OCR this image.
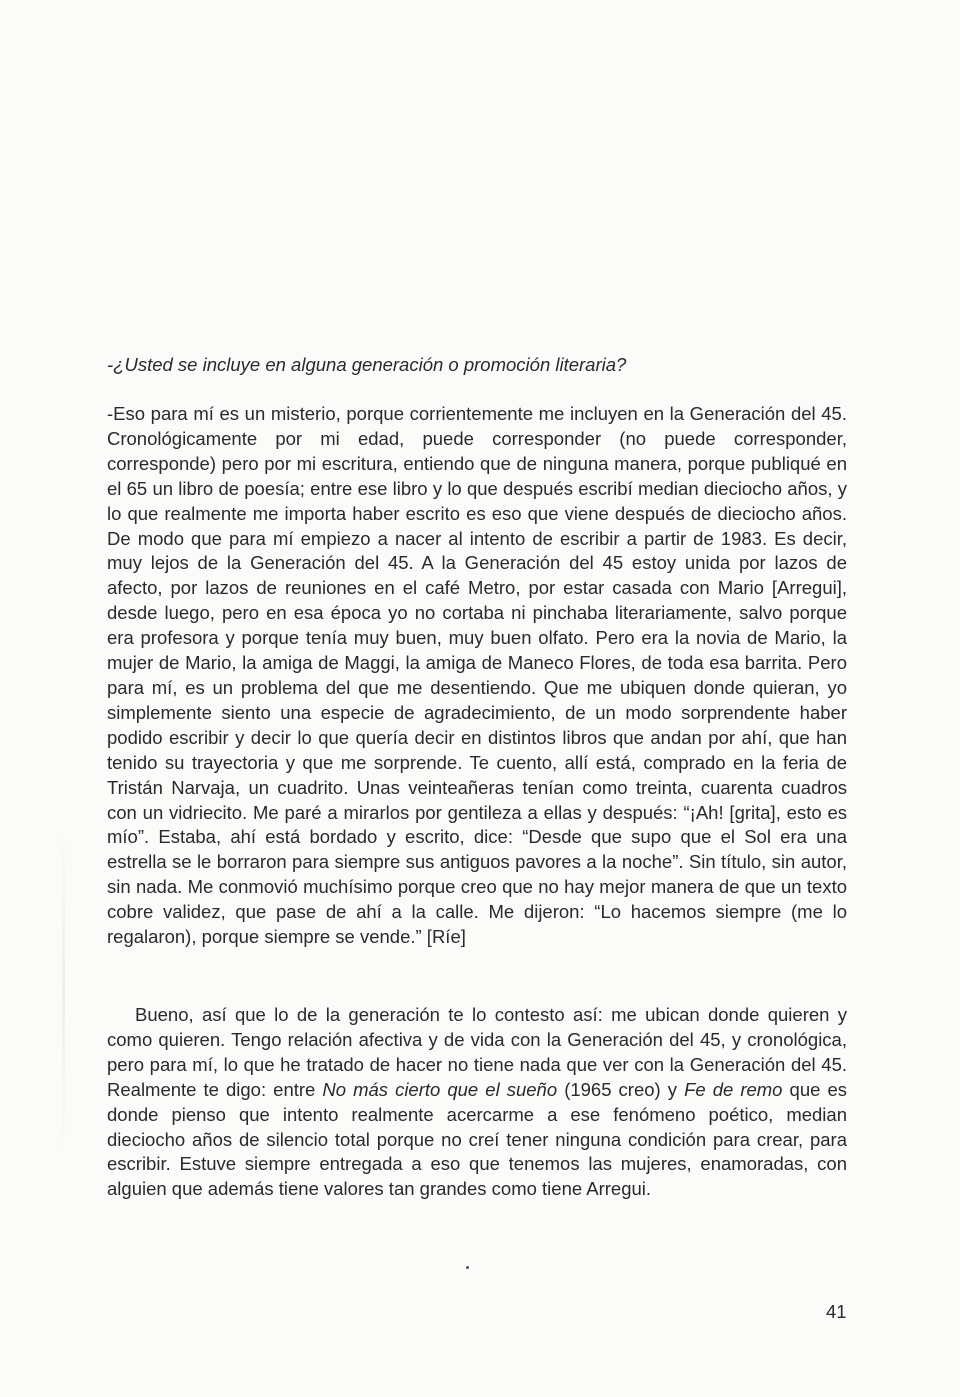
-¿Usted se incluye en alguna generación o promoción literaria?

-Eso para mí es un misterio, porque corrientemente me incluyen en la Generación del 45. Cronológicamente por mi edad, puede corresponder (no puede corresponder, corresponde) pero por mi escritura, entiendo que de ninguna manera, porque publiqué en el 65 un libro de poesía; entre ese libro y lo que después escribí median dieciocho años, y lo que realmente me importa haber escrito es eso que viene después de dieciocho años. De modo que para mí empiezo a nacer al intento de escribir a partir de 1983. Es decir, muy lejos de la Generación del 45. A la Generación del 45 estoy unida por lazos de afecto, por lazos de reuniones en el café Metro, por estar casada con Mario [Arregui], desde luego, pero en esa época yo no cortaba ni pinchaba literariamente, salvo porque era profesora y porque tenía muy buen, muy buen olfato. Pero era la novia de Mario, la mujer de Mario, la amiga de Maggi, la amiga de Maneco Flores, de toda esa barrita. Pero para mí, es un problema del que me desentiendo. Que me ubiquen donde quieran, yo simplemente siento una especie de agradecimiento, de un modo sorprendente haber podido escribir y decir lo que quería decir en distintos libros que andan por ahí, que han tenido su trayectoria y que me sorprende. Te cuento, allí está, comprado en la feria de Tristán Narvaja, un cuadrito. Unas veinteañeras tenían como treinta, cuarenta cuadros con un vidriecito. Me paré a mirarlos por gentileza a ellas y después: “¡Ah! [grita], esto es mío”. Estaba, ahí está bordado y escrito, dice: “Desde que supo que el Sol era una estrella se le borraron para siempre sus antiguos pavores a la noche”. Sin título, sin autor, sin nada. Me conmovió muchísimo porque creo que no hay mejor manera de que un texto cobre validez, que pase de ahí a la calle. Me dijeron: “Lo hacemos siempre (me lo regalaron), porque siempre se vende.” [Ríe]

Bueno, así que lo de la generación te lo contesto así: me ubican donde quieren y como quieren. Tengo relación afectiva y de vida con la Generación del 45, y cronológica, pero para mí, lo que he tratado de hacer no tiene nada que ver con la Generación del 45. Realmente te digo: entre No más cierto que el sueño (1965 creo) y Fe de remo que es donde pienso que intento realmente acercarme a ese fenómeno poético, median dieciocho años de silencio total porque no creí tener ninguna condición para crear, para escribir. Estuve siempre entregada a eso que tenemos las mujeres, enamoradas, con alguien que además tiene valores tan grandes como tiene Arregui.

41
